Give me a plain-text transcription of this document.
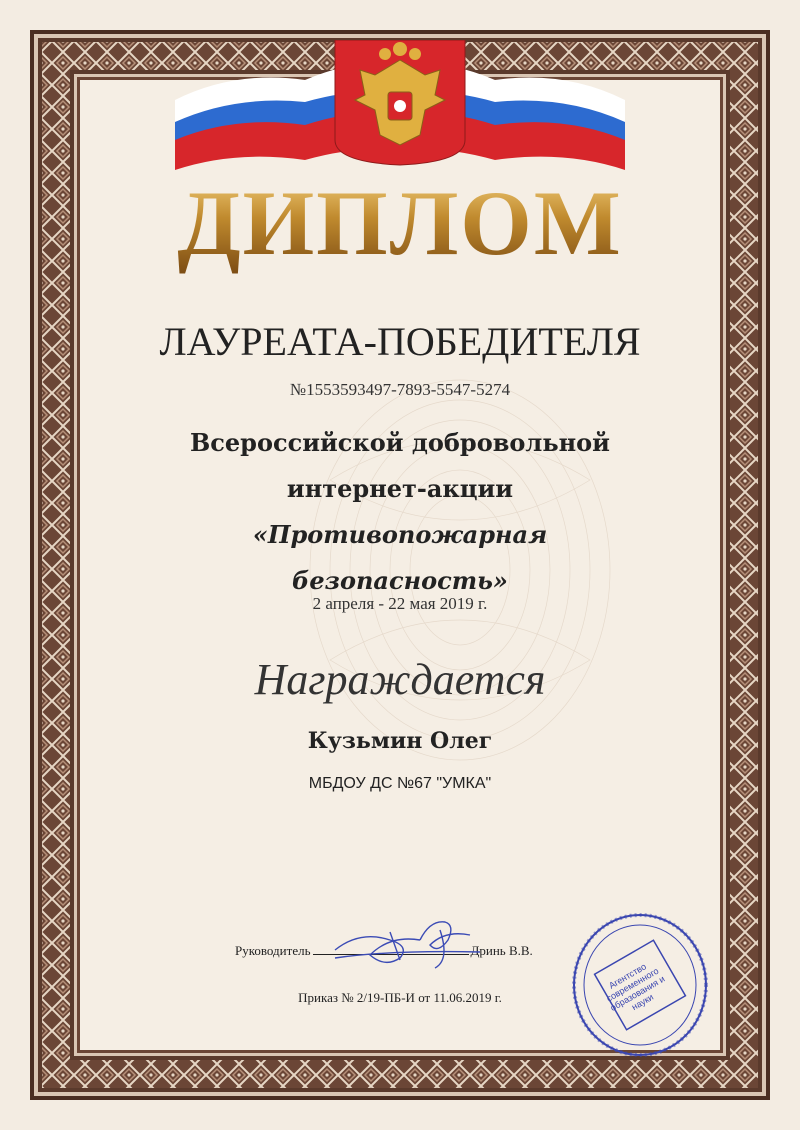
ДИПЛОМ
ЛАУРЕАТА-ПОБЕДИТЕЛЯ
№1553593497-7893-5547-5274
Всероссийской добровольной
интернет-акции
«Противопожарная
безопасность»
2 апреля - 22 мая 2019 г.
Награждается
Кузьмин Олег
МБДОУ ДС №67 "УМКА"
Руководитель	Дринь В.В.
Приказ № 2/19-ПБ-И от 11.06.2019 г.
Агентство современного образования и науки
